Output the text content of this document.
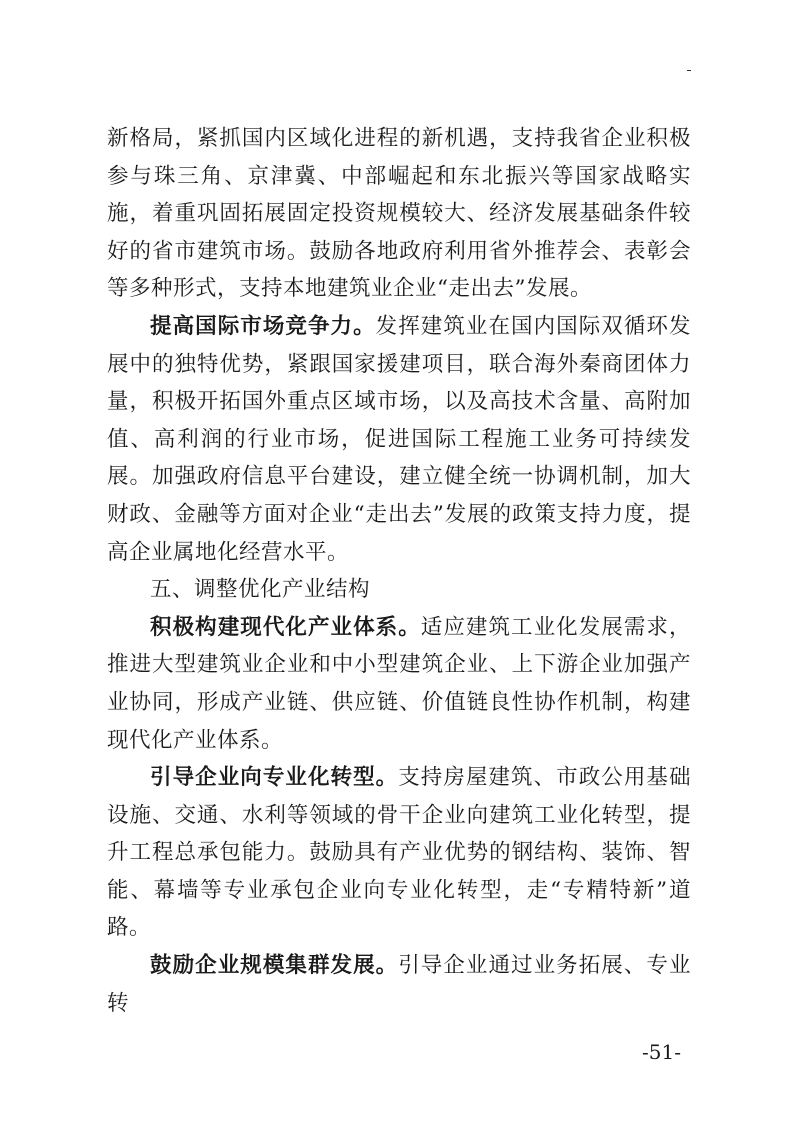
新格局，紧抓国内区域化进程的新机遇，支持我省企业积极参与珠三角、京津冀、中部崛起和东北振兴等国家战略实施，着重巩固拓展固定投资规模较大、经济发展基础条件较好的省市建筑市场。鼓励各地政府利用省外推荐会、表彰会等多种形式，支持本地建筑业企业“走出去”发展。

提高国际市场竞争力。发挥建筑业在国内国际双循环发展中的独特优势，紧跟国家援建项目，联合海外秦商团体力量，积极开拓国外重点区域市场，以及高技术含量、高附加值、高利润的行业市场，促进国际工程施工业务可持续发展。加强政府信息平台建设，建立健全统一协调机制，加大财政、金融等方面对企业“走出去”发展的政策支持力度，提高企业属地化经营水平。

五、调整优化产业结构

积极构建现代化产业体系。适应建筑工业化发展需求，推进大型建筑业企业和中小型建筑企业、上下游企业加强产业协同，形成产业链、供应链、价值链良性协作机制，构建现代化产业体系。

引导企业向专业化转型。支持房屋建筑、市政公用基础设施、交通、水利等领域的骨干企业向建筑工业化转型，提升工程总承包能力。鼓励具有产业优势的钢结构、装饰、智能、幕墙等专业承包企业向专业化转型，走“专精特新”道路。

鼓励企业规模集群发展。引导企业通过业务拓展、专业转

-51-
